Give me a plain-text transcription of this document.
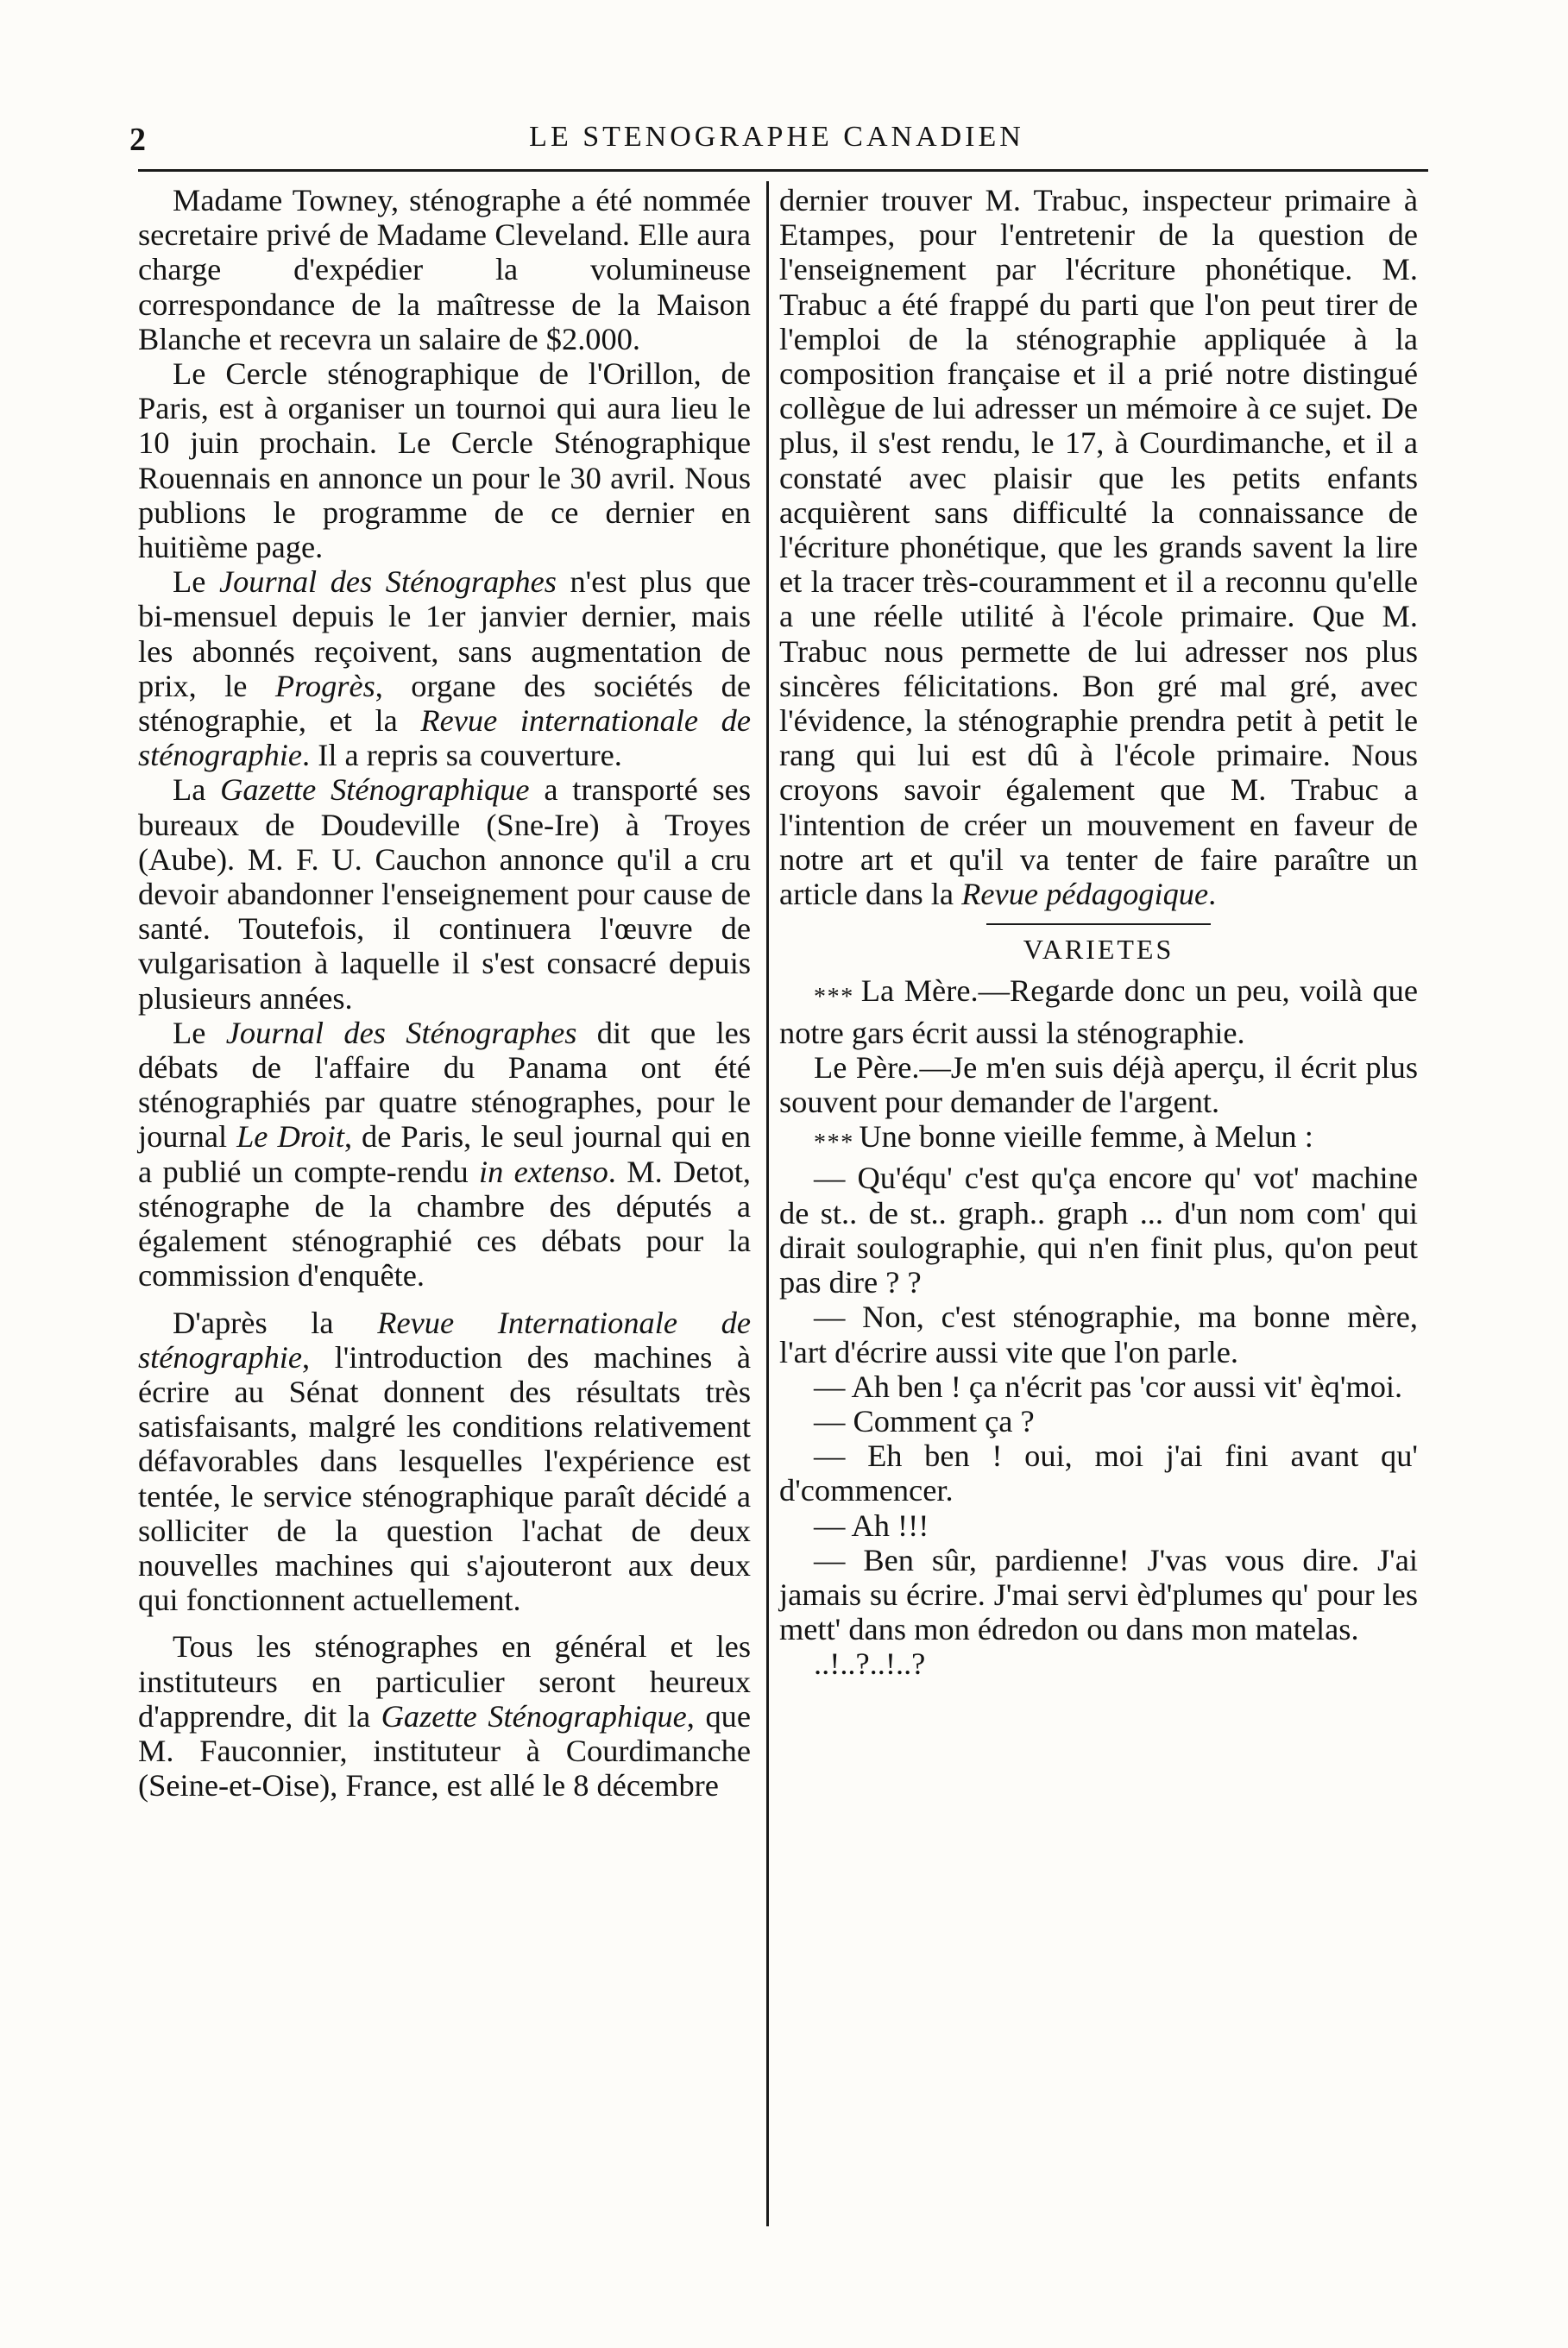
2	LE STENOGRAPHE CANADIEN

Madame Towney, sténographe a été nommée secretaire privé de Madame Cleveland. Elle aura charge d'expédier la volumineuse correspondance de la maîtresse de la Maison Blanche et recevra un salaire de $2.000.

Le Cercle sténographique de l'Orillon, de Paris, est à organiser un tournoi qui aura lieu le 10 juin prochain. Le Cercle Sténographique Rouennais en annonce un pour le 30 avril. Nous publions le programme de ce dernier en huitième page.

Le Journal des Sténographes n'est plus que bi-mensuel depuis le 1er janvier dernier, mais les abonnés reçoivent, sans augmentation de prix, le Progrès, organe des sociétés de sténographie, et la Revue internationale de sténographie. Il a repris sa couverture.

La Gazette Sténographique a transporté ses bureaux de Doudeville (Sne-Ire) à Troyes (Aube). M. F. U. Cauchon annonce qu'il a cru devoir abandonner l'enseignement pour cause de santé. Toutefois, il continuera l'œuvre de vulgarisation à laquelle il s'est consacré depuis plusieurs années.

Le Journal des Sténographes dit que les débats de l'affaire du Panama ont été sténographiés par quatre sténographes, pour le journal Le Droit, de Paris, le seul journal qui en a publié un compte-rendu in extenso. M. Detot, sténographe de la chambre des députés a également sténographié ces débats pour la commission d'enquête.

D'après la Revue Internationale de sténographie, l'introduction des machines à écrire au Sénat donnent des résultats très satisfaisants, malgré les conditions relativement défavorables dans lesquelles l'expérience est tentée, le service sténographique paraît décidé a solliciter de la question l'achat de deux nouvelles machines qui s'ajouteront aux deux qui fonctionnent actuellement.

Tous les sténographes en général et les instituteurs en particulier seront heureux d'apprendre, dit la Gazette Sténographique, que M. Fauconnier, instituteur à Courdimanche (Seine-et-Oise), France, est allé le 8 décembre

dernier trouver M. Trabuc, inspecteur primaire à Etampes, pour l'entretenir de la question de l'enseignement par l'écriture phonétique. M. Trabuc a été frappé du parti que l'on peut tirer de l'emploi de la sténographie appliquée à la composition française et il a prié notre distingué collègue de lui adresser un mémoire à ce sujet. De plus, il s'est rendu, le 17, à Courdimanche, et il a constaté avec plaisir que les petits enfants acquièrent sans difficulté la connaissance de l'écriture phonétique, que les grands savent la lire et la tracer très-couramment et il a reconnu qu'elle a une réelle utilité à l'école primaire. Que M. Trabuc nous permette de lui adresser nos plus sincères félicitations. Bon gré mal gré, avec l'évidence, la sténographie prendra petit à petit le rang qui lui est dû à l'école primaire. Nous croyons savoir également que M. Trabuc a l'intention de créer un mouvement en faveur de notre art et qu'il va tenter de faire paraître un article dans la Revue pédagogique.

VARIETES

* * * La Mère.—Regarde donc un peu, voilà que notre gars écrit aussi la sténographie.

Le Père.—Je m'en suis déjà aperçu, il écrit plus souvent pour demander de l'argent.

* * * Une bonne vieille femme, à Melun :

— Qu'équ' c'est qu'ça encore qu' vot' machine de st.. de st.. graph.. graph ... d'un nom com' qui dirait soulographie, qui n'en finit plus, qu'on peut pas dire ? ?

— Non, c'est sténographie, ma bonne mère, l'art d'écrire aussi vite que l'on parle.

— Ah ben ! ça n'écrit pas 'cor aussi vit' èq'moi.

— Comment ça ?

— Eh ben ! oui, moi j'ai fini avant qu' d'commencer.

— Ah !!!

— Ben sûr, pardienne! J'vas vous dire. J'ai jamais su écrire. J'mai servi èd'plumes qu' pour les mett' dans mon édredon ou dans mon matelas.

..!..?..!..?
